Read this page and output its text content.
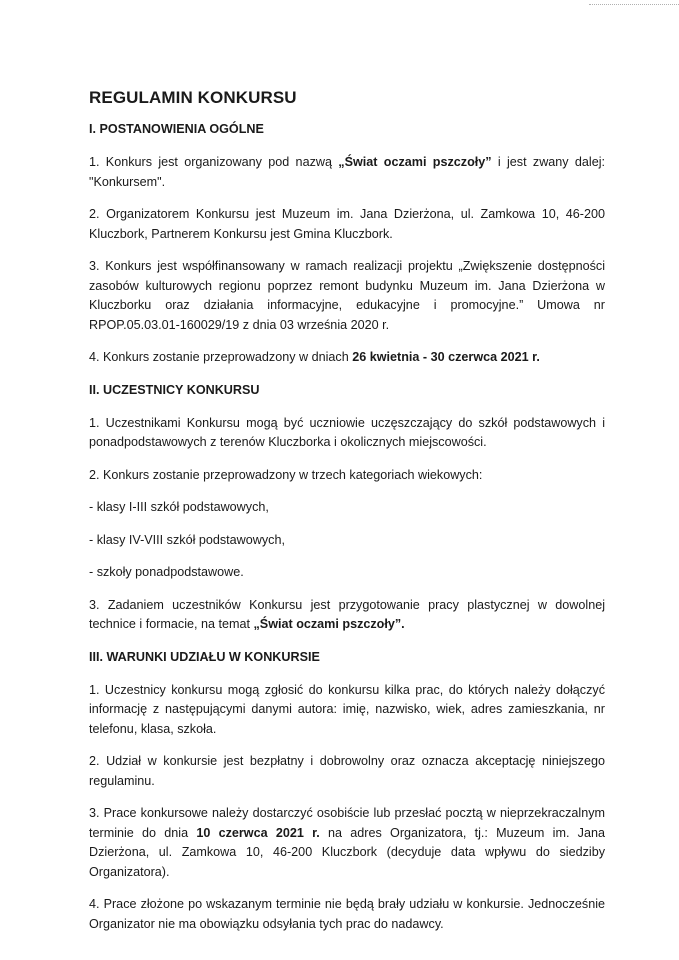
REGULAMIN KONKURSU
I. POSTANOWIENIA OGÓLNE

1. Konkurs jest organizowany pod nazwą „Świat oczami pszczoły” i jest zwany dalej: "Konkursem".

2. Organizatorem Konkursu jest Muzeum im. Jana Dzierżona, ul. Zamkowa 10, 46-200 Kluczbork, Partnerem Konkursu jest Gmina Kluczbork.

3. Konkurs jest współfinansowany w ramach realizacji projektu „Zwiększenie dostępności zasobów kulturowych regionu poprzez remont budynku Muzeum im. Jana Dzierżona w Kluczborku oraz działania informacyjne, edukacyjne i promocyjne.” Umowa nr RPOP.05.03.01-160029/19 z dnia 03 września 2020 r.

4. Konkurs zostanie przeprowadzony w dniach 26 kwietnia - 30 czerwca 2021 r.

II. UCZESTNICY KONKURSU

1. Uczestnikami Konkursu mogą być uczniowie uczęszczający do szkół podstawowych i ponadpodstawowych z terenów Kluczborka i okolicznych miejscowości.

2. Konkurs zostanie przeprowadzony w trzech kategoriach wiekowych:

- klasy I-III szkół podstawowych,

- klasy IV-VIII szkół podstawowych,

- szkoły ponadpodstawowe.

3. Zadaniem uczestników Konkursu jest przygotowanie pracy plastycznej w dowolnej technice i formacie, na temat „Świat oczami pszczoły”.

III. WARUNKI UDZIAŁU W KONKURSIE

1. Uczestnicy konkursu mogą zgłosić do konkursu kilka prac, do których należy dołączyć informację z następującymi danymi autora: imię, nazwisko, wiek, adres zamieszkania, nr telefonu, klasa, szkoła.

2. Udział w konkursie jest bezpłatny i dobrowolny oraz oznacza akceptację niniejszego regulaminu.

3. Prace konkursowe należy dostarczyć osobiście lub przesłać pocztą w nieprzekraczalnym terminie do dnia 10 czerwca 2021 r. na adres Organizatora, tj.: Muzeum im. Jana Dzierżona, ul. Zamkowa 10, 46-200 Kluczbork (decyduje data wpływu do siedziby Organizatora).

4. Prace złożone po wskazanym terminie nie będą brały udziału w konkursie. Jednocześnie Organizator nie ma obowiązku odsyłania tych prac do nadawcy.
